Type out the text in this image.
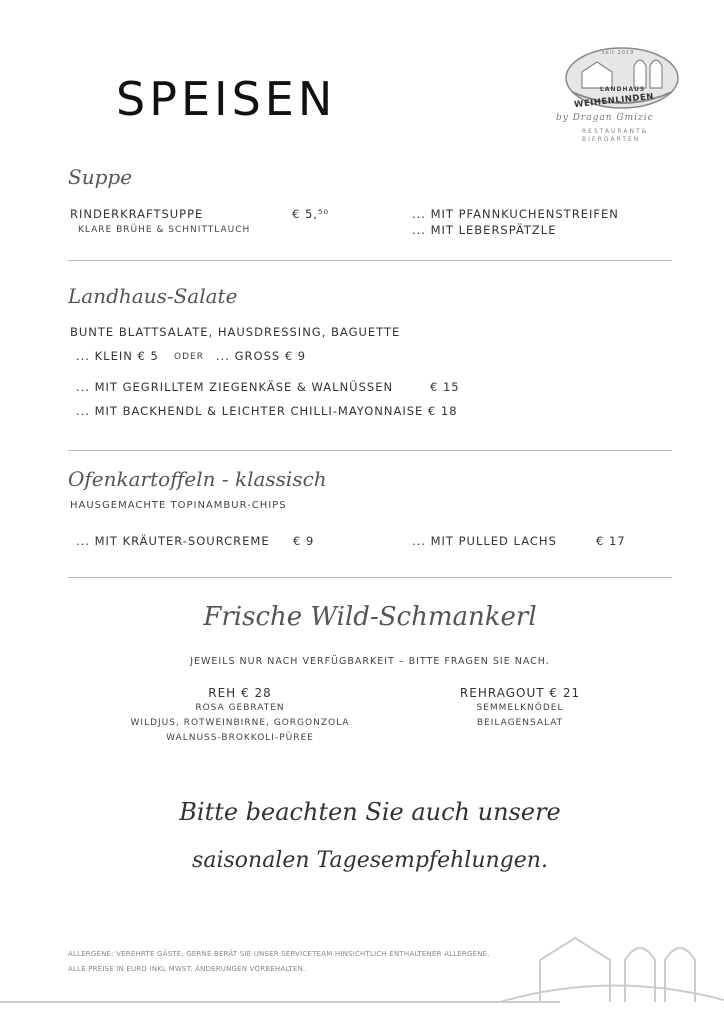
SPEISEN
seit 2019
LANDHAUS
WEIHENLINDEN
by Dragan Gmizic
RESTAURANT&
BIERGARTEN
Suppe
RINDERKRAFTSUPPE	€ 5,⁵⁰
KLARE BRÜHE & SCHNITTLAUCH
... MIT PFANNKUCHENSTREIFEN
... MIT LEBERSPÄTZLE
Landhaus-Salate
BUNTE BLATTSALATE, HAUSDRESSING, BAGUETTE
... KLEIN € 5 ODER ... GROSS € 9
... MIT GEGRILLTEM ZIEGENKÄSE & WALNÜSSEN	€ 15
... MIT BACKHENDL & LEICHTER CHILLI-MAYONNAISE € 18
Ofenkartoffeln - klassisch
HAUSGEMACHTE TOPINAMBUR-CHIPS
... MIT KRÄUTER-SOURCREME € 9	... MIT PULLED LACHS	€ 17
Frische Wild-Schmankerl
JEWEILS NUR NACH VERFÜGBARKEIT – BITTE FRAGEN SIE NACH.
REH € 28
ROSA GEBRATEN
WILDJUS, ROTWEINBIRNE, GORGONZOLA
WALNUSS-BROKKOLI-PÜREE
REHRAGOUT € 21
SEMMELKNÖDEL
BEILAGENSALAT
Bitte beachten Sie auch unsere
saisonalen Tagesempfehlungen.
ALLERGENE: VEREHRTE GÄSTE, GERNE BERÄT SIE UNSER SERVICETEAM HINSICHTLICH ENTHALTENER ALLERGENE.
ALLE PREISE IN EURO INKL MWST. ÄNDERUNGEN VORBEHALTEN.
